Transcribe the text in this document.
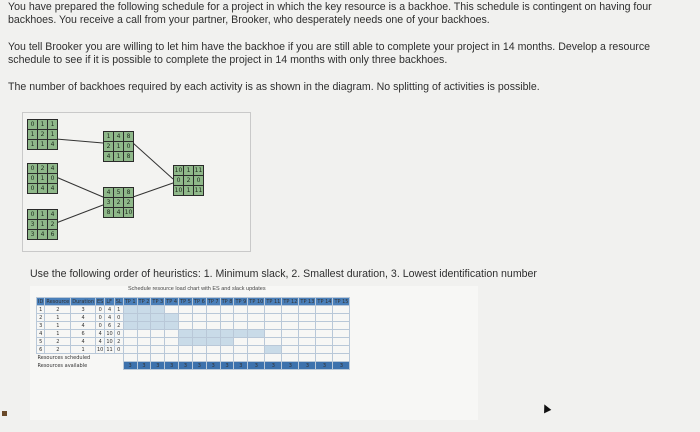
You have prepared the following schedule for a project in which the key resource is a backhoe. This schedule is contingent on having four backhoes. You receive a call from your partner, Brooker, who desperately needs one of your backhoes.
You tell Brooker you are willing to let him have the backhoe if you are still able to complete your project in 14 months. Develop a resource schedule to see if it is possible to complete the project in 14 months with only three backhoes.
The number of backhoes required by each activity is as shown in the diagram. No splitting of activities is possible.
0	1	1
1	2	1
1	1	4
1	4	8
2	1	0
4	1	8
0	2	4
0	1	0
0	4	4
4	5	8
3	2	2
8	4 10
10 1 11
0	2	0
10 1 11
0	1	4
3	1	2
3	4	6
Use the following order of heuristics: 1. Minimum slack, 2. Smallest duration, 3. Lowest identification number
Schedule resource load chart with ES and slack updates
ID	Resource	Duration	ES	LF	SL	TP 1	TP 2	TP 3	TP 4	TP 5	TP 6	TP 7	TP 8	TP 9	TP 10	TP 11	TP 12	TP 13	TP 14	TP 15
1	2	3	0	4	1															
2	1	4	0	4	0															
3	1	4	0	6	2															
4	1	6	4	10	0															
5	2	4	4	10	2															
6	2	1	10	11	0															
Resources scheduled																				
Resources available						3	3	3	3	3	3	3	3	3	3	3	3	3	3	3
